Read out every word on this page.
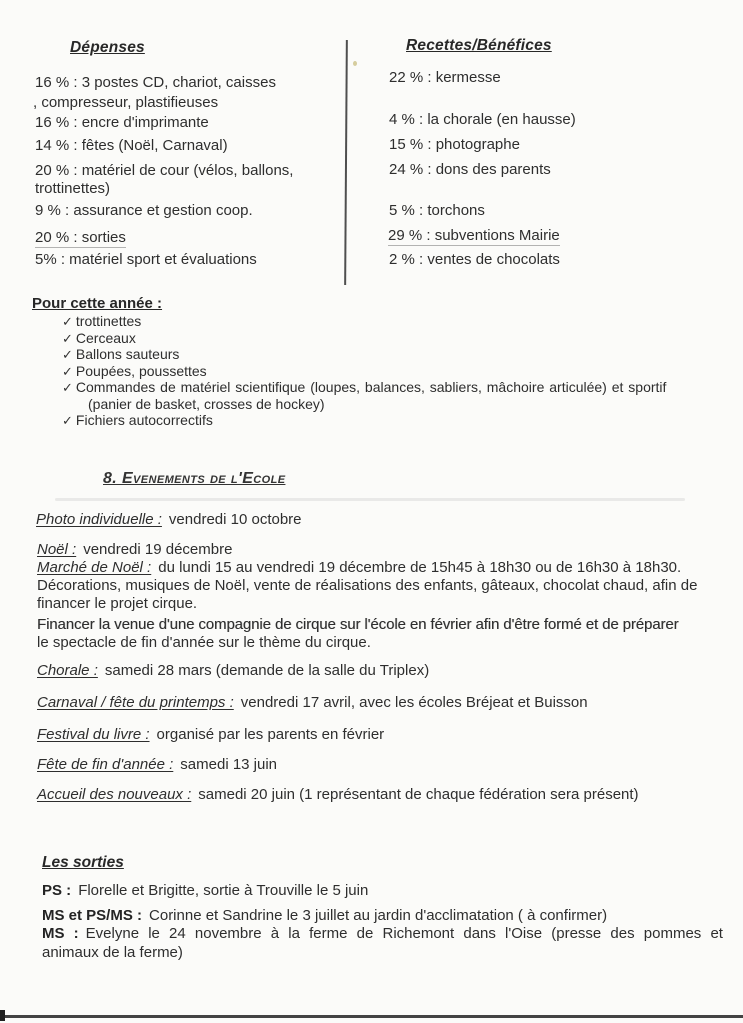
Dépenses	Recettes/Bénéfices
16 % : 3 postes CD, chariot, caisses
, compresseur, plastifieuses
16 % : encre d'imprimante
14 % : fêtes (Noël, Carnaval)
20 % : matériel de cour (vélos, ballons,
trottinettes)
9 % : assurance et gestion coop.
20 % : sorties
5% : matériel sport et évaluations
22 % : kermesse
4 % : la chorale (en hausse)
15 % : photographe
24 % : dons des parents
5 % : torchons
29 % : subventions Mairie
2 % : ventes de chocolats
Pour cette année :
✓ trottinettes
✓ Cerceaux
✓ Ballons sauteurs
✓ Poupées, poussettes
✓ Commandes de matériel scientifique (loupes, balances, sabliers, mâchoire articulée) et sportif
(panier de basket, crosses de hockey)
✓ Fichiers autocorrectifs
8. Evenements de l'Ecole
Photo individuelle : vendredi 10 octobre
Noël : vendredi 19 décembre
Marché de Noël : du lundi 15 au vendredi 19 décembre de 15h45 à 18h30 ou de 16h30 à 18h30.
Décorations, musiques de Noël, vente de réalisations des enfants, gâteaux, chocolat chaud, afin de
financer le projet cirque.
Financer la venue d'une compagnie de cirque sur l'école en février afin d'être formé et de préparer
le spectacle de fin d'année sur le thème du cirque.
Chorale : samedi 28 mars (demande de la salle du Triplex)
Carnaval / fête du printemps : vendredi 17 avril, avec les écoles Bréjeat et Buisson
Festival du livre : organisé par les parents en février
Fête de fin d'année : samedi 13 juin
Accueil des nouveaux : samedi 20 juin (1 représentant de chaque fédération sera présent)
Les sorties
PS : Florelle et Brigitte, sortie à Trouville le 5 juin
MS et PS/MS : Corinne et Sandrine le 3 juillet au jardin d'acclimatation ( à confirmer)
MS : Evelyne le 24 novembre à la ferme de Richemont dans l'Oise (presse des pommes et
animaux de la ferme)
